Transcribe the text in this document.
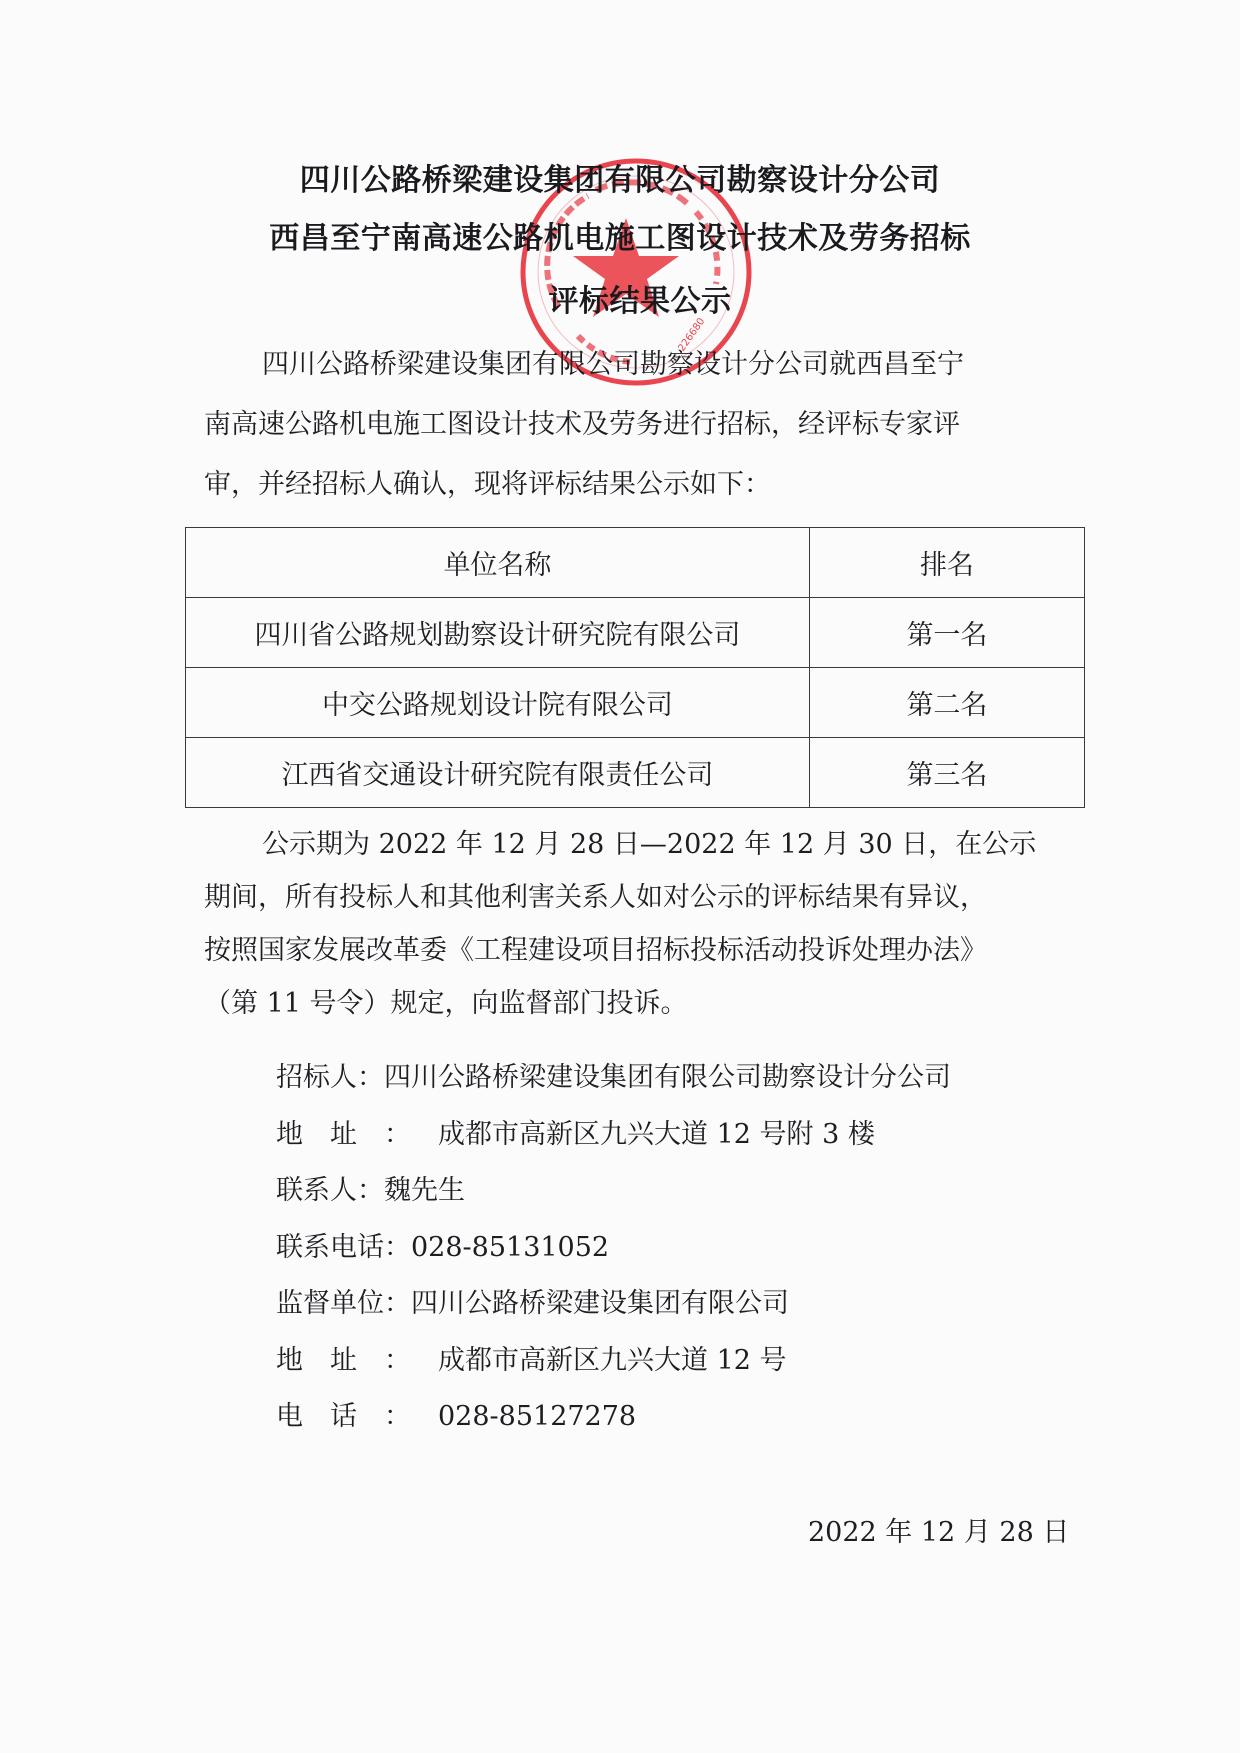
226680
四川公路桥梁建设集团有限公司勘察设计分公司
西昌至宁南高速公路机电施工图设计技术及劳务招标
评标结果公示
四川公路桥梁建设集团有限公司勘察设计分公司就西昌至宁
南高速公路机电施工图设计技术及劳务进行招标，经评标专家评
审，并经招标人确认，现将评标结果公示如下：
单位名称	排名
四川省公路规划勘察设计研究院有限公司	第一名
中交公路规划设计院有限公司	第二名
江西省交通设计研究院有限责任公司	第三名
公示期为 2022 年 12 月 28 日—2022 年 12 月 30 日，在公示
期间，所有投标人和其他利害关系人如对公示的评标结果有异议，
按照国家发展改革委《工程建设项目招标投标活动投诉处理办法》
（第 11 号令）规定，向监督部门投诉。
招标人：四川公路桥梁建设集团有限公司勘察设计分公司
地址：成都市高新区九兴大道 12 号附 3 楼
联系人：魏先生
联系电话：028-85131052
监督单位：四川公路桥梁建设集团有限公司
地址：成都市高新区九兴大道 12 号
电话：028-85127278
2022 年 12 月 28 日
